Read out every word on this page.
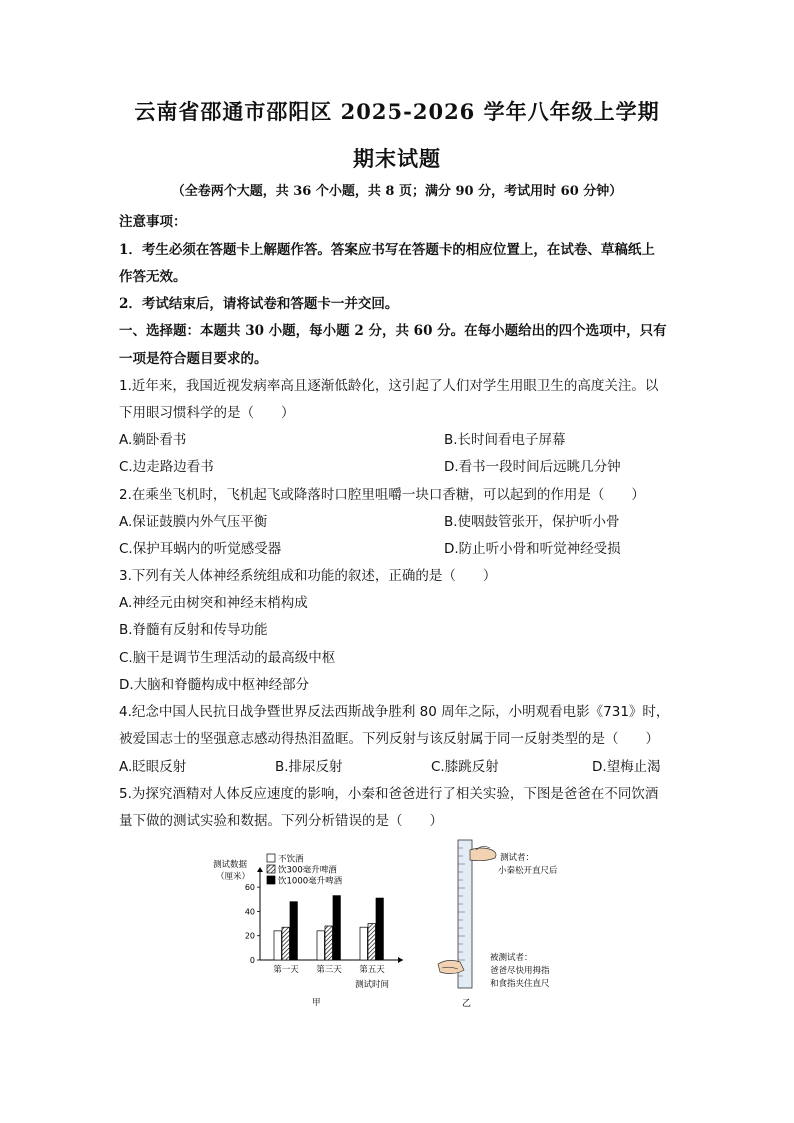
云南省邵通市邵阳区 2025-2026 学年八年级上学期
期末试题
（全卷两个大题，共 36 个小题，共 8 页；满分 90 分，考试用时 60 分钟）
注意事项：
1．考生必须在答题卡上解题作答。答案应书写在答题卡的相应位置上，在试卷、草稿纸上
作答无效。
2．考试结束后，请将试卷和答题卡一并交回。
一、选择题：本题共 30 小题，每小题 2 分，共 60 分。在每小题给出的四个选项中，只有
一项是符合题目要求的。
1.近年来，我国近视发病率高且逐渐低龄化，这引起了人们对学生用眼卫生的高度关注。以
下用眼习惯科学的是（　　）
A.躺卧看书	B.长时间看电子屏幕
C.边走路边看书	D.看书一段时间后远眺几分钟
2.在乘坐飞机时，飞机起飞或降落时口腔里咀嚼一块口香糖，可以起到的作用是（　　）
A.保证鼓膜内外气压平衡	B.使咽鼓管张开，保护听小骨
C.保护耳蜗内的听觉感受器	D.防止听小骨和听觉神经受损
3.下列有关人体神经系统组成和功能的叙述，正确的是（　　）
A.神经元由树突和神经末梢构成
B.脊髓有反射和传导功能
C.脑干是调节生理活动的最高级中枢
D.大脑和脊髓构成中枢神经部分
4.纪念中国人民抗日战争暨世界反法西斯战争胜利 80 周年之际，小明观看电影《731》时，
被爱国志士的坚强意志感动得热泪盈眶。下列反射与该反射属于同一反射类型的是（　　）
A.眨眼反射	B.排尿反射	C.膝跳反射	D.望梅止渴
5.为探究酒精对人体反应速度的影响，小秦和爸爸进行了相关实验，下图是爸爸在不同饮酒
量下做的测试实验和数据。下列分析错误的是（　　）
测试数据
（厘米）
不饮酒
饮300毫升啤酒
饮1000毫升啤酒
0
20
40
60
第一天 第三天 第五天
测试时间
甲
测试者：
小秦松开直尺后
被测试者：
爸爸尽快用拇指
和食指夹住直尺
乙
